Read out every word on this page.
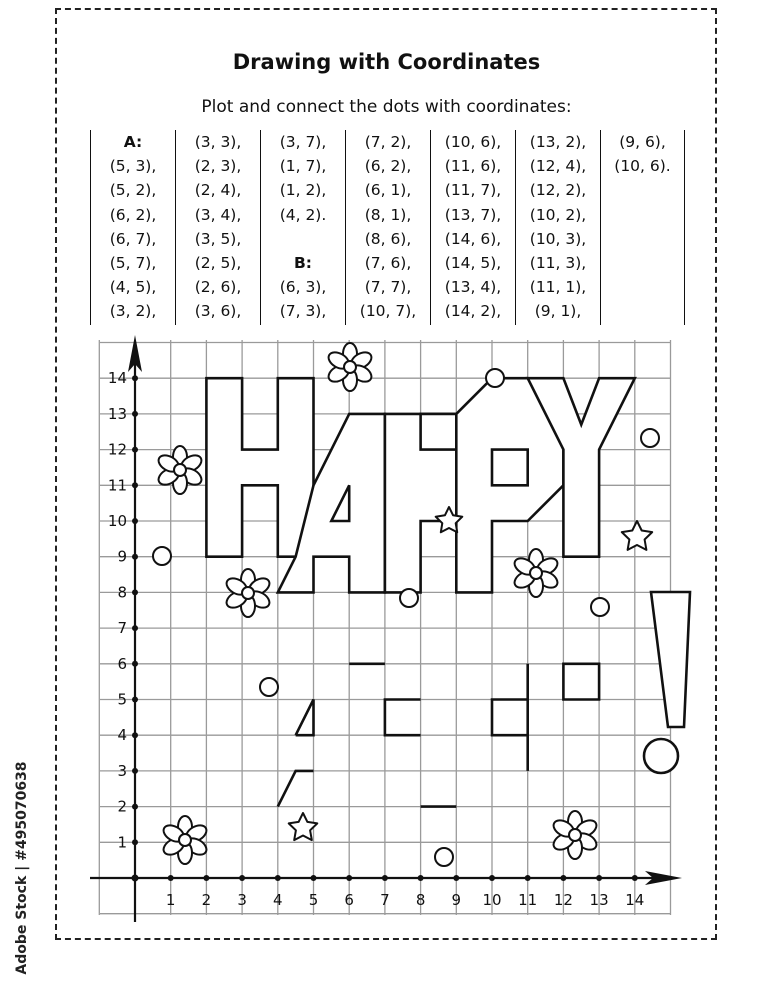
Drawing with Coordinates
Plot and connect the dots with coordinates:
A:
(5, 3),
(5, 2),
(6, 2),
(6, 7),
(5, 7),
(4, 5),
(3, 2),
(3, 3),
(2, 3),
(2, 4),
(3, 4),
(3, 5),
(2, 5),
(2, 6),
(3, 6),
(3, 7),
(1, 7),
(1, 2),
(4, 2).
B:
(6, 3),
(7, 3),
(7, 2),
(6, 2),
(6, 1),
(8, 1),
(8, 6),
(7, 6),
(7, 7),
(10, 7),
(10, 6),
(11, 6),
(11, 7),
(13, 7),
(14, 6),
(14, 5),
(13, 4),
(14, 2),
(13, 2),
(12, 4),
(12, 2),
(10, 2),
(10, 3),
(11, 3),
(11, 1),
(9, 1),
(9, 6),
(10, 6).
Adobe Stock | #495070638	1 2 3 4 5 6 7 8 9 10 11 12 13 14
1
2
3
4
5
6
7
8
9
10
11
12
13
14
